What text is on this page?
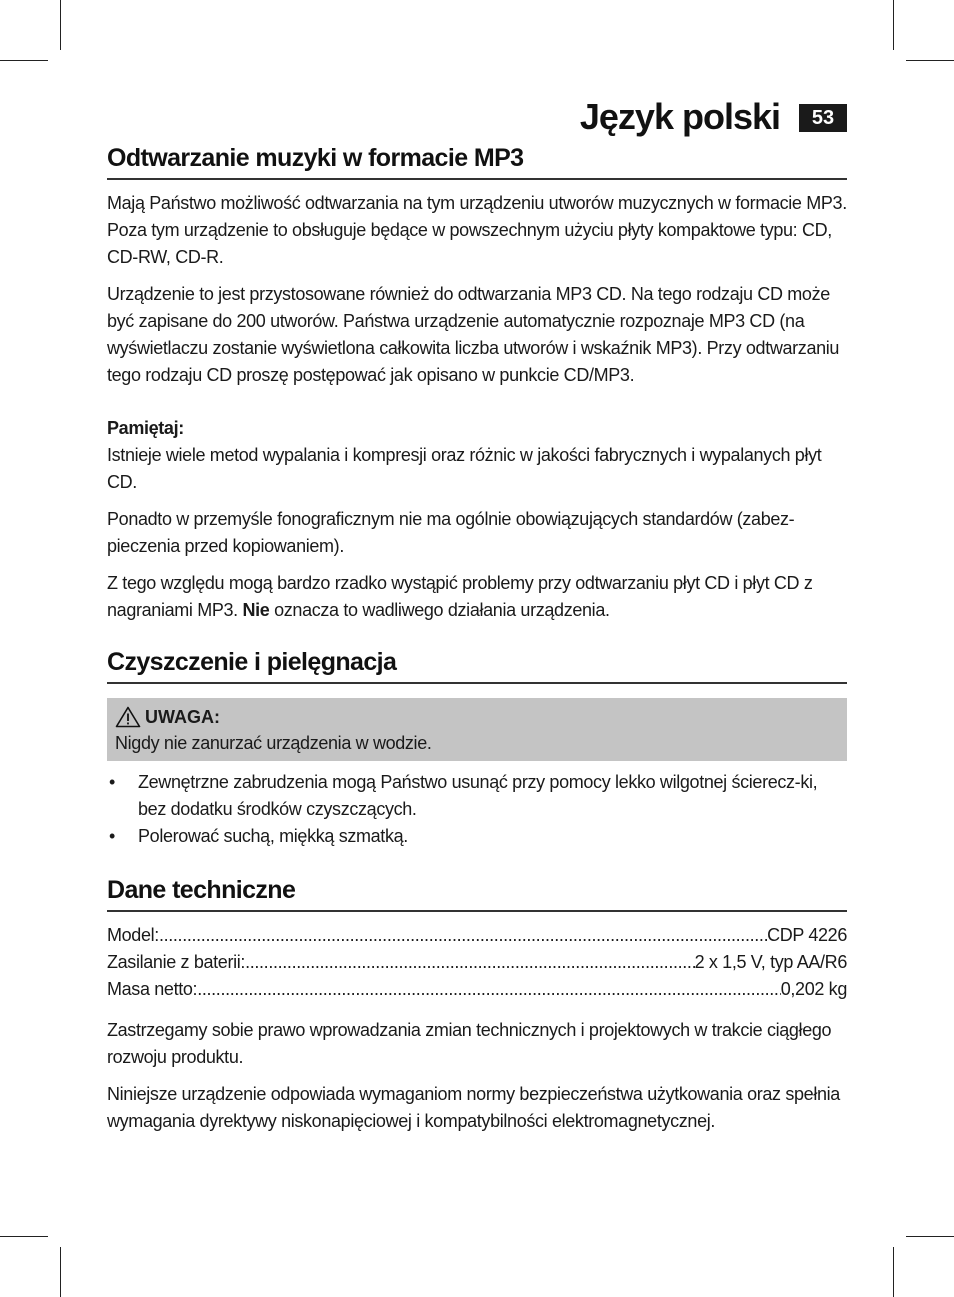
Język polski	53
Odtwarzanie muzyki w formacie MP3

Mają Państwo możliwość odtwarzania na tym urządzeniu utworów muzycznych w formacie MP3. Poza tym urządzenie to obsługuje będące w powszechnym użyciu płyty kompaktowe typu: CD, CD-RW, CD-R.

Urządzenie to jest przystosowane również do odtwarzania MP3 CD. Na tego rodzaju CD może być zapisane do 200 utworów. Państwa urządzenie automatycznie rozpoznaje MP3 CD (na wyświetlaczu zostanie wyświetlona całkowita liczba utworów i wskaźnik MP3). Przy odtwarzaniu tego rodzaju CD proszę postępować jak opisano w punkcie CD/MP3.

Pamiętaj:

Istnieje wiele metod wypalania i kompresji oraz różnic w jakości fabrycznych i wypalanych płyt CD.

Ponadto w przemyśle fonograficznym nie ma ogólnie obowiązujących standardów (zabez-pieczenia przed kopiowaniem).

Z tego względu mogą bardzo rzadko wystąpić problemy przy odtwarzaniu płyt CD i płyt CD z nagraniami MP3. Nie oznacza to wadliwego działania urządzenia.

Czyszczenie i pielęgnacja
UWAGA:

Nigdy nie zanurzać urządzenia w wodzie.

• Zewnętrzne zabrudzenia mogą Państwo usunąć przy pomocy lekko wilgotnej ścierecz-ki, bez dodatku środków czyszczących.
• Polerować suchą, miękką szmatką.
Dane techniczne
Model: .....	CDP 4226
Zasilanie z baterii: .....	2 x 1,5 V, typ AA/R6
Masa netto: .....	0,202 kg

Zastrzegamy sobie prawo wprowadzania zmian technicznych i projektowych w trakcie ciągłego rozwoju produktu.

Niniejsze urządzenie odpowiada wymaganiom normy bezpieczeństwa użytkowania oraz spełnia wymagania dyrektywy niskonapięciowej i kompatybilności elektromagnetycznej.
